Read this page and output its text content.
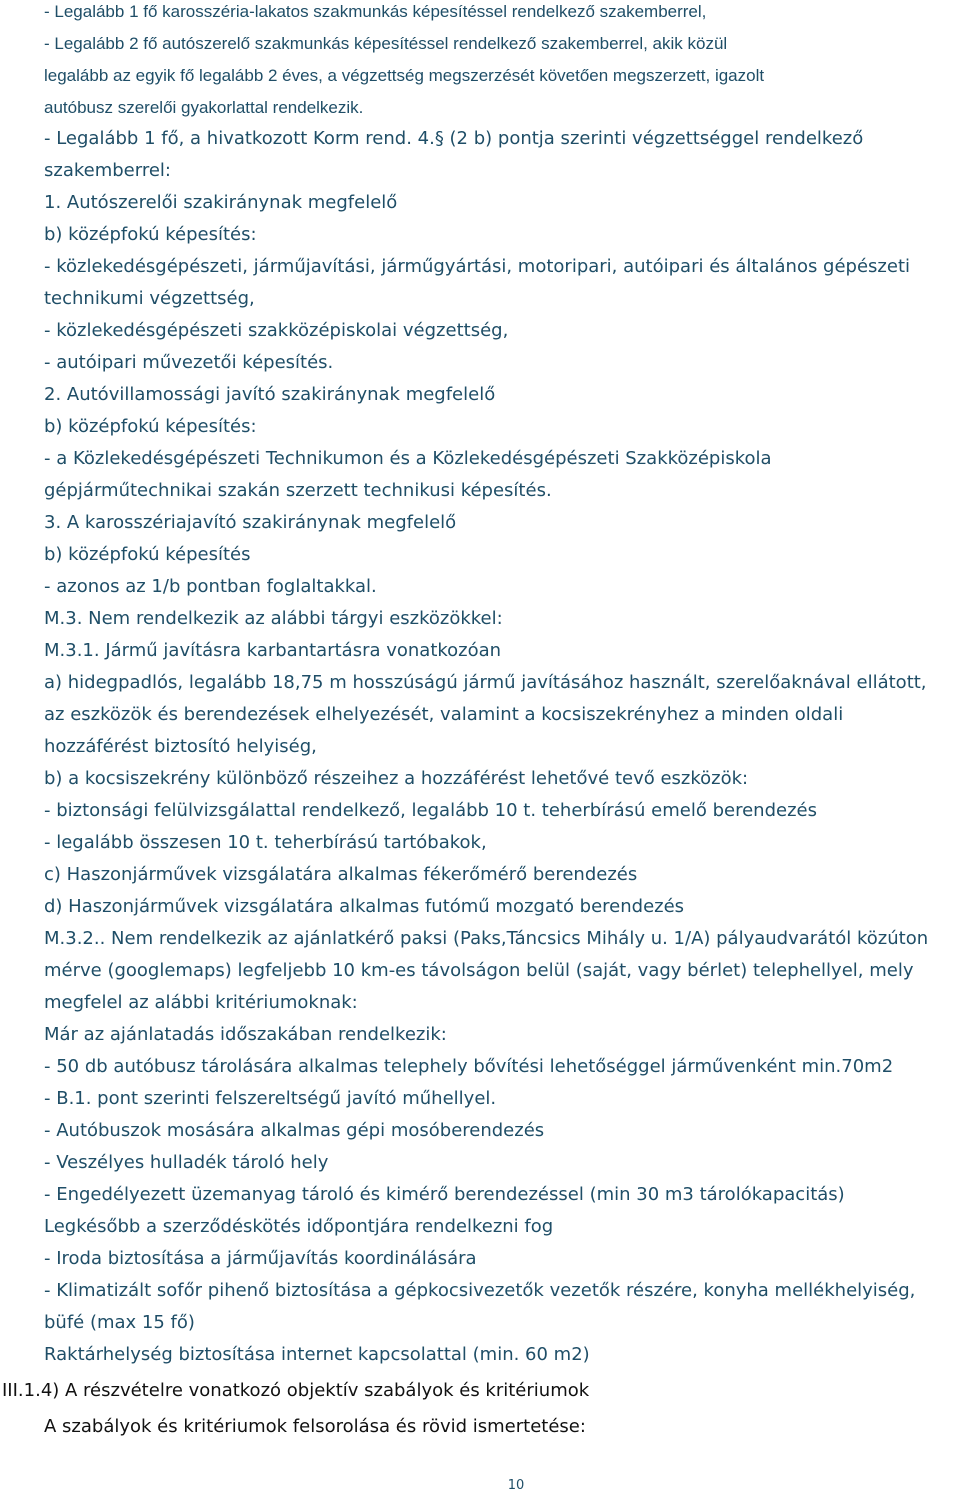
- Legalább 1 fő karosszéria-lakatos szakmunkás képesítéssel rendelkező szakemberrel,
- Legalább 2 fő autószerelő szakmunkás képesítéssel rendelkező szakemberrel, akik közül
legalább az egyik fő legalább 2 éves, a végzettség megszerzését követően megszerzett, igazolt
autóbusz szerelői gyakorlattal rendelkezik.
- Legalább 1 fő, a hivatkozott Korm rend. 4.§ (2 b) pontja szerinti végzettséggel rendelkező
szakemberrel:
1. Autószerelői szakiránynak megfelelő
b) középfokú képesítés:
- közlekedésgépészeti, járműjavítási, járműgyártási, motoripari, autóipari és általános gépészeti
technikumi végzettség,
- közlekedésgépészeti szakközépiskolai végzettség,
- autóipari művezetői képesítés.
2. Autóvillamossági javító szakiránynak megfelelő
b) középfokú képesítés:
- a Közlekedésgépészeti Technikumon és a Közlekedésgépészeti Szakközépiskola
gépjárműtechnikai szakán szerzett technikusi képesítés.
3. A karosszériajavító szakiránynak megfelelő
b) középfokú képesítés
- azonos az 1/b pontban foglaltakkal.
M.3. Nem rendelkezik az alábbi tárgyi eszközökkel:
M.3.1. Jármű javításra karbantartásra vonatkozóan
a) hidegpadlós, legalább 18,75 m hosszúságú jármű javításához használt, szerelőaknával ellátott,
az eszközök és berendezések elhelyezését, valamint a kocsiszekrényhez a minden oldali
hozzáférést biztosító helyiség,
b) a kocsiszekrény különböző részeihez a hozzáférést lehetővé tevő eszközök:
- biztonsági felülvizsgálattal rendelkező, legalább 10 t. teherbírású emelő berendezés
- legalább összesen 10 t. teherbírású tartóbakok,
c) Haszonjárművek vizsgálatára alkalmas fékerőmérő berendezés
d) Haszonjárművek vizsgálatára alkalmas futómű mozgató berendezés
M.3.2.. Nem rendelkezik az ajánlatkérő paksi (Paks,Táncsics Mihály u. 1/A) pályaudvarától közúton
mérve (googlemaps) legfeljebb 10 km-es távolságon belül (saját, vagy bérlet) telephellyel, mely
megfelel az alábbi kritériumoknak:
Már az ajánlatadás időszakában rendelkezik:
- 50 db autóbusz tárolására alkalmas telephely bővítési lehetőséggel járművenként min.70m2
- B.1. pont szerinti felszereltségű javító műhellyel.
- Autóbuszok mosására alkalmas gépi mosóberendezés
- Veszélyes hulladék tároló hely
- Engedélyezett üzemanyag tároló és kimérő berendezéssel (min 30 m3 tárolókapacitás)
Legkésőbb a szerződéskötés időpontjára rendelkezni fog
- Iroda biztosítása a járműjavítás koordinálására
- Klimatizált sofőr pihenő biztosítása a gépkocsivezetők vezetők részére, konyha mellékhelyiség,
büfé (max 15 fő)
Raktárhelység biztosítása internet kapcsolattal (min. 60 m2)
III.1.4) A részvételre vonatkozó objektív szabályok és kritériumok
A szabályok és kritériumok felsorolása és rövid ismertetése:
10
